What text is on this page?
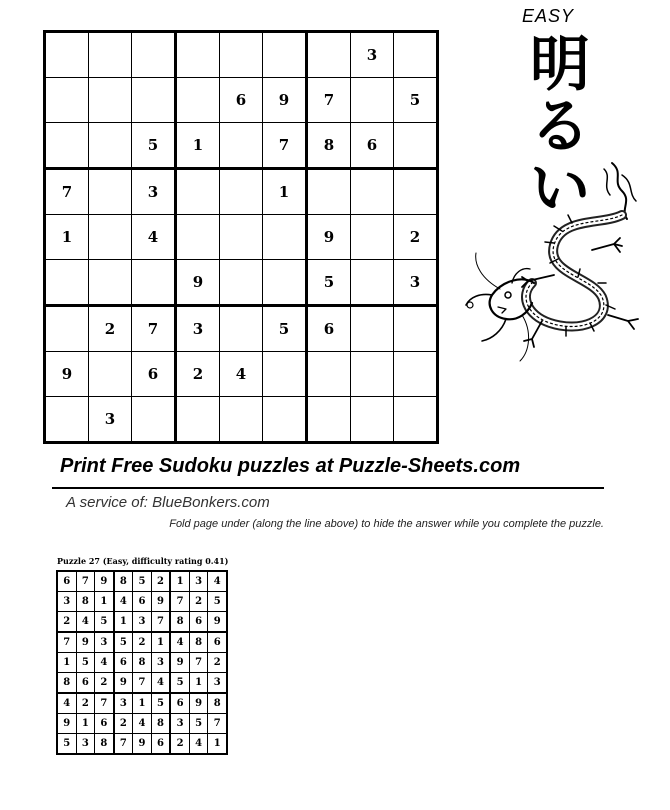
							3	
				6	9	7		5
		5	1		7	8	6	
7		3			1			
1		4				9		2
			9			5		3
	2	7	3		5	6		
9		6	2	4				
	3							
EASY
明
る
い
Print Free Sudoku puzzles at Puzzle-Sheets.com
A service of: BlueBonkers.com
Fold page under (along the line above) to hide the answer while you complete the puzzle.
Puzzle 27 (Easy, difficulty rating 0.41)
6	7	9	8	5	2	1	3	4
3	8	1	4	6	9	7	2	5
2	4	5	1	3	7	8	6	9
7	9	3	5	2	1	4	8	6
1	5	4	6	8	3	9	7	2
8	6	2	9	7	4	5	1	3
4	2	7	3	1	5	6	9	8
9	1	6	2	4	8	3	5	7
5	3	8	7	9	6	2	4	1
